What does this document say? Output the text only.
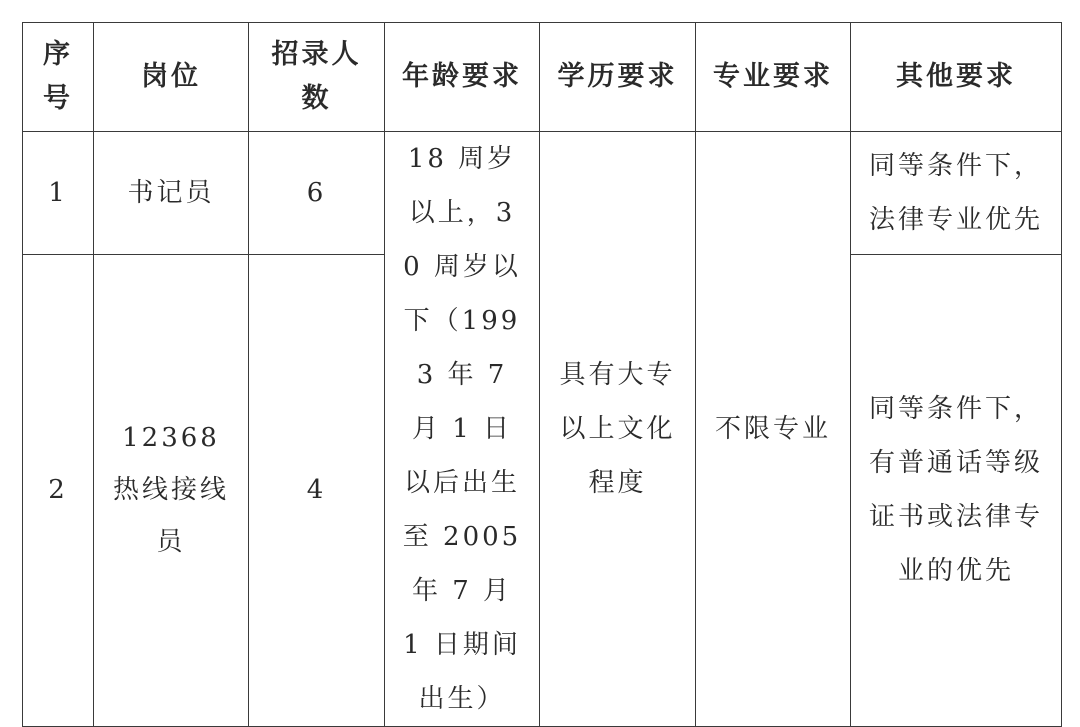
序号	岗位	招录人数	年龄要求	学历要求	专业要求	其他要求

1	书记员	6	18 周岁以上，30 周岁以下（1993 年 7 月 1 日以后出生至 2005 年 7 月 1 日期间出生）	具有大专以上文化程度	不限专业	同等条件下，法律专业优先

2	12368 热线接线员	4				同等条件下，有普通话等级证书或法律专业的优先
